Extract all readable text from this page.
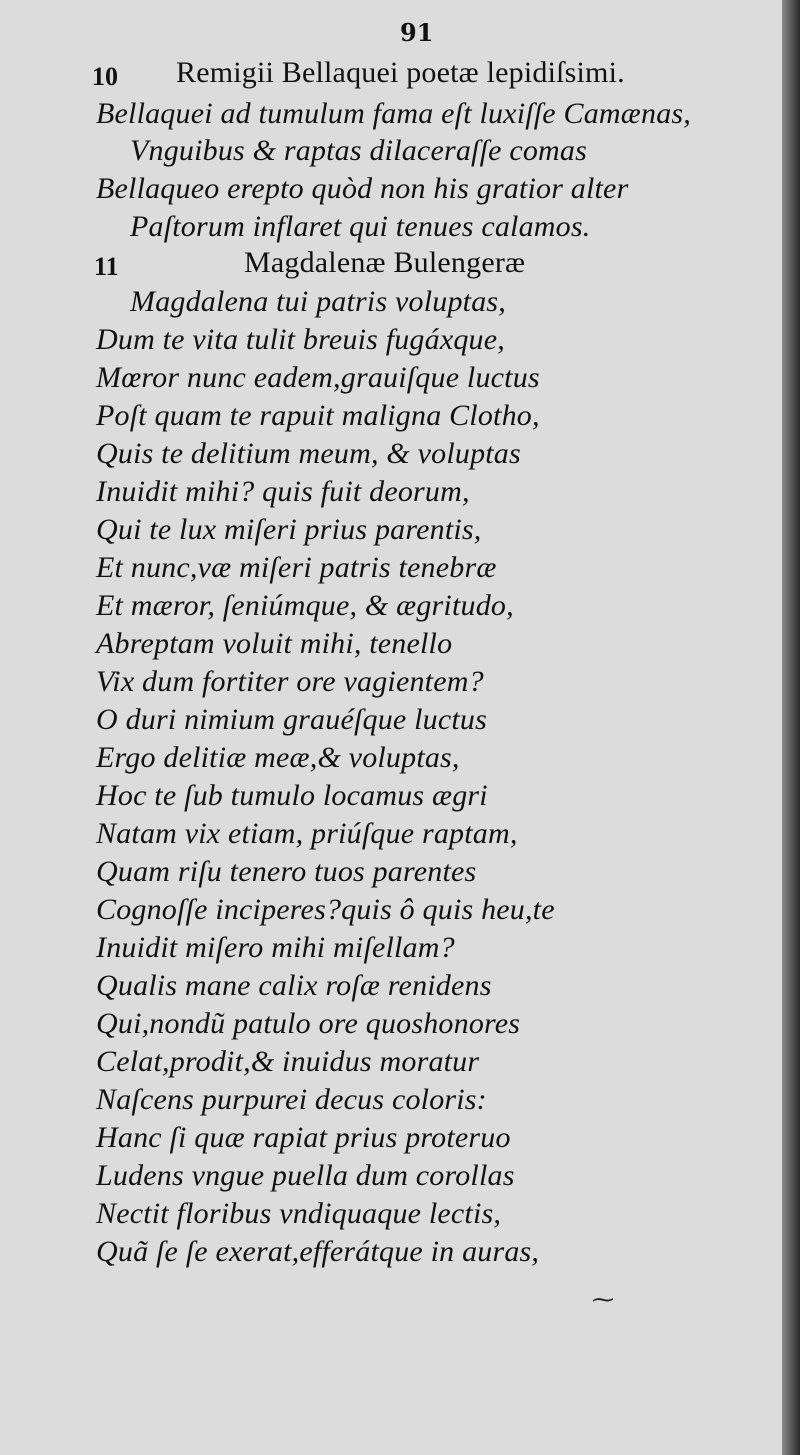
91
10 Remigii Bellaquei poetæ lepidiſsimi.
Bellaquei ad tumulum fama eſt luxiſſe Camænas,
Vnguibus & raptas dilaceraſſe comas
Bellaqueo erepto quòd non his gratior alter
Paſtorum inflaret qui tenues calamos.
11	Magdalenæ Bulengeræ
Magdalena tui patris voluptas,
Dum te vita tulit breuis fugáxque,
Mœror nunc eadem,grauiſque luctus
Poſt quam te rapuit maligna Clotho,
Quis te delitium meum, & voluptas
Inuidit mihi? quis fuit deorum,
Qui te lux miſeri prius parentis,
Et nunc,væ miſeri patris tenebræ
Et mæror, ſeniúmque, & ægritudo,
Abreptam voluit mihi, tenello
Vix dum fortiter ore vagientem?
O duri nimium grauéſque luctus
Ergo delitiæ meæ,& voluptas,
Hoc te ſub tumulo locamus ægri
Natam vix etiam, priúſque raptam,
Quam riſu tenero tuos parentes
Cognoſſe inciperes?quis ô quis heu,te
Inuidit miſero mihi miſellam?
Qualis mane calix roſæ renidens
Qui,nondũ patulo ore quoshonores
Celat,prodit,& inuidus moratur
Naſcens purpurei decus coloris:
Hanc ſi quæ rapiat prius proteruo
Ludens vngue puella dum corollas
Nectit floribus vndiquaque lectis,
Quã ſe ſe exerat,efferátque in auras,
⁓
